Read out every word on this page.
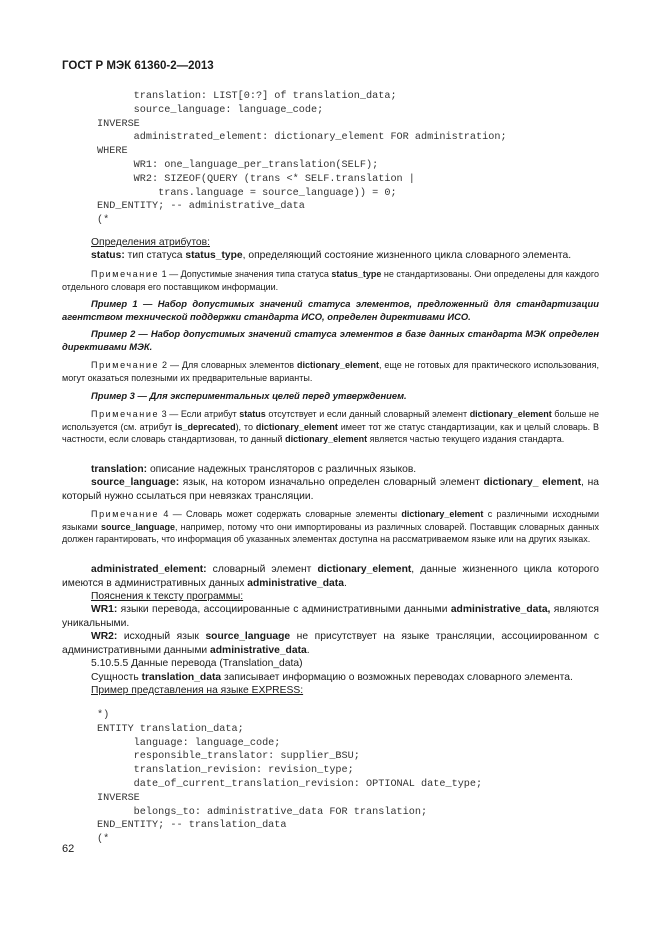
ГОСТ Р МЭК 61360-2—2013
translation: LIST[0:?] of translation_data;
source_language: language_code;
INVERSE
administrated_element: dictionary_element FOR administration;
WHERE
WR1: one_language_per_translation(SELF);
WR2: SIZEOF(QUERY (trans <* SELF.translation |
trans.language = source_language)) = 0;
END_ENTITY; -- administrative_data
(*
Определения атрибутов:
status: тип статуса status_type, определяющий состояние жизненного цикла словарного элемента.
Примечание 1 — Допустимые значения типа статуса status_type не стандартизованы. Они определены для каждого отдельного словаря его поставщиком информации.
Пример 1 — Набор допустимых значений статуса элементов, предложенный для стандартизации агентством технической поддержки стандарта ИСО, определен директивами ИСО.
Пример 2 — Набор допустимых значений статуса элементов в базе данных стандарта МЭК определен директивами МЭК.
Примечание 2 — Для словарных элементов dictionary_element, еще не готовых для практического использования, могут оказаться полезными их предварительные варианты.
Пример 3 — Для экспериментальных целей перед утверждением.
Примечание 3 — Если атрибут status отсутствует и если данный словарный элемент dictionary_element больше не используется (см. атрибут is_deprecated), то dictionary_element имеет тот же статус стандартизации, как и целый словарь. В частности, если словарь стандартизован, то данный dictionary_element является частью текущего издания стандарта.
translation: описание надежных трансляторов с различных языков.
source_language: язык, на котором изначально определен словарный элемент dictionary_ element, на который нужно ссылаться при невязках трансляции.
Примечание 4 — Словарь может содержать словарные элементы dictionary_element с различными исходными языками source_language, например, потому что они импортированы из различных словарей. Поставщик словарных данных должен гарантировать, что информация об указанных элементах доступна на рассматриваемом языке или на других языках.
administrated_element: словарный элемент dictionary_element, данные жизненного цикла которого имеются в административных данных administrative_data.
Пояснения к тексту программы:
WR1: языки перевода, ассоциированные с административными данными administrative_data, являются уникальными.
WR2: исходный язык source_language не присутствует на языке трансляции, ассоциированном с административными данными administrative_data.
5.10.5.5 Данные перевода (Translation_data)
Сущность translation_data записывает информацию о возможных переводах словарного элемента.
Пример представления на языке EXPRESS:
*)
ENTITY translation_data;
language: language_code;
responsible_translator: supplier_BSU;
translation_revision: revision_type;
date_of_current_translation_revision: OPTIONAL date_type;
INVERSE
belongs_to: administrative_data FOR translation;
END_ENTITY; -- translation_data
(*
62
